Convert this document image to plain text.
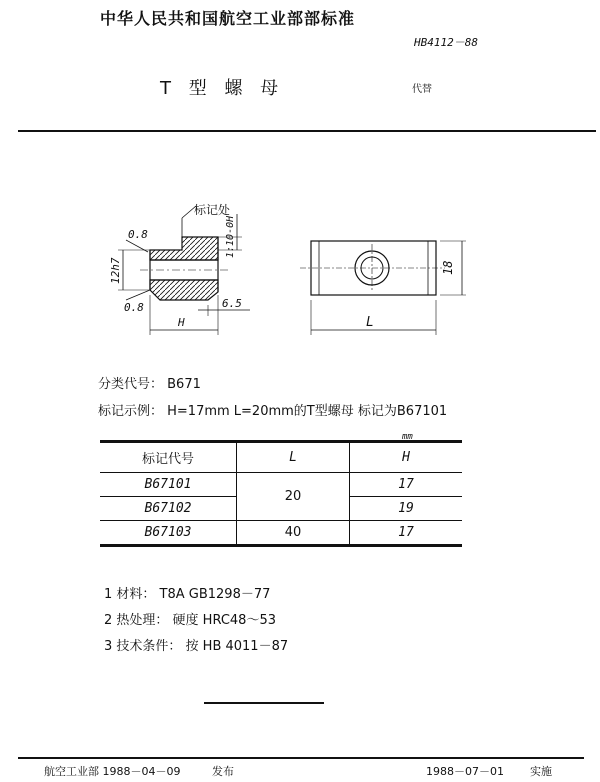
中华人民共和国航空工业部部标准
HB4112－88
T 型 螺 母	代替
标记处
0.8
0.8
12h7
1:10-0H
H
6.5
18
L
分类代号： B671
标记示例： H=17mm L=20mm的T型螺母 标记为B67101
mm
标记代号	L	H
B67101	20	17
B67102		19
B67103	40	17
1 材料： T8A GB1298－77
2 热处理： 硬度 HRC48～53
3 技术条件： 按 HB 4011－87
航空工业部 1988－04－09	发布	1988－07－01 实施
